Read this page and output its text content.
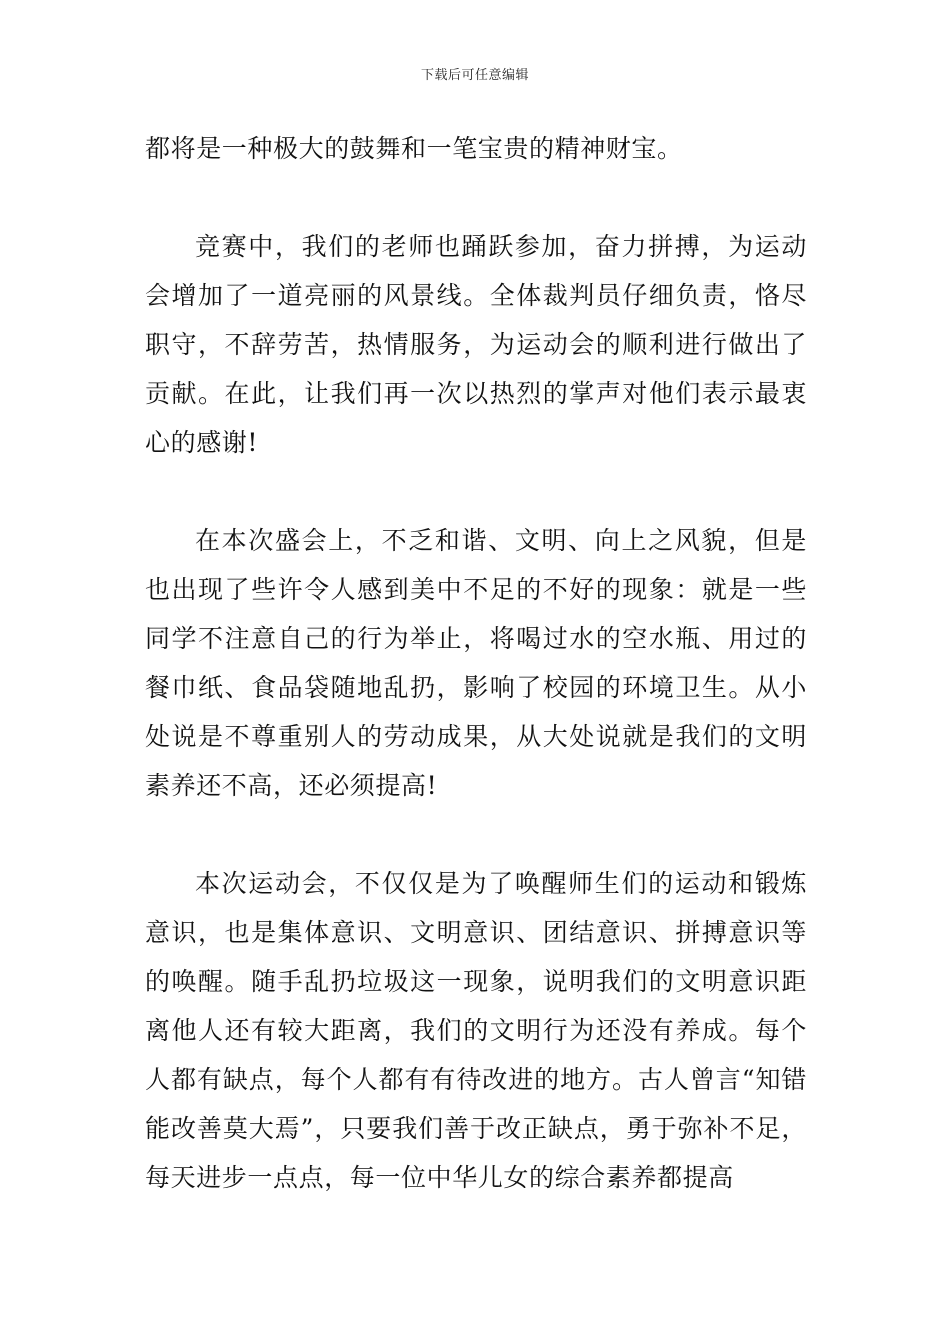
下载后可任意编辑

都将是一种极大的鼓舞和一笔宝贵的精神财宝。

竞赛中，我们的老师也踊跃参加，奋力拼搏，为运动会增加了一道亮丽的风景线。全体裁判员仔细负责，恪尽职守，不辞劳苦，热情服务，为运动会的顺利进行做出了贡献。在此，让我们再一次以热烈的掌声对他们表示最衷心的感谢!

在本次盛会上，不乏和谐、文明、向上之风貌，但是也出现了些许令人感到美中不足的不好的现象：就是一些同学不注意自己的行为举止，将喝过水的空水瓶、用过的餐巾纸、食品袋随地乱扔，影响了校园的环境卫生。从小处说是不尊重别人的劳动成果，从大处说就是我们的文明素养还不高，还必须提高!

本次运动会，不仅仅是为了唤醒师生们的运动和锻炼意识，也是集体意识、文明意识、团结意识、拼搏意识等的唤醒。随手乱扔垃圾这一现象，说明我们的文明意识距离他人还有较大距离，我们的文明行为还没有养成。每个人都有缺点，每个人都有有待改进的地方。古人曾言“知错能改善莫大焉”，只要我们善于改正缺点，勇于弥补不足，每天进步一点点，每一位中华儿女的综合素养都提高
